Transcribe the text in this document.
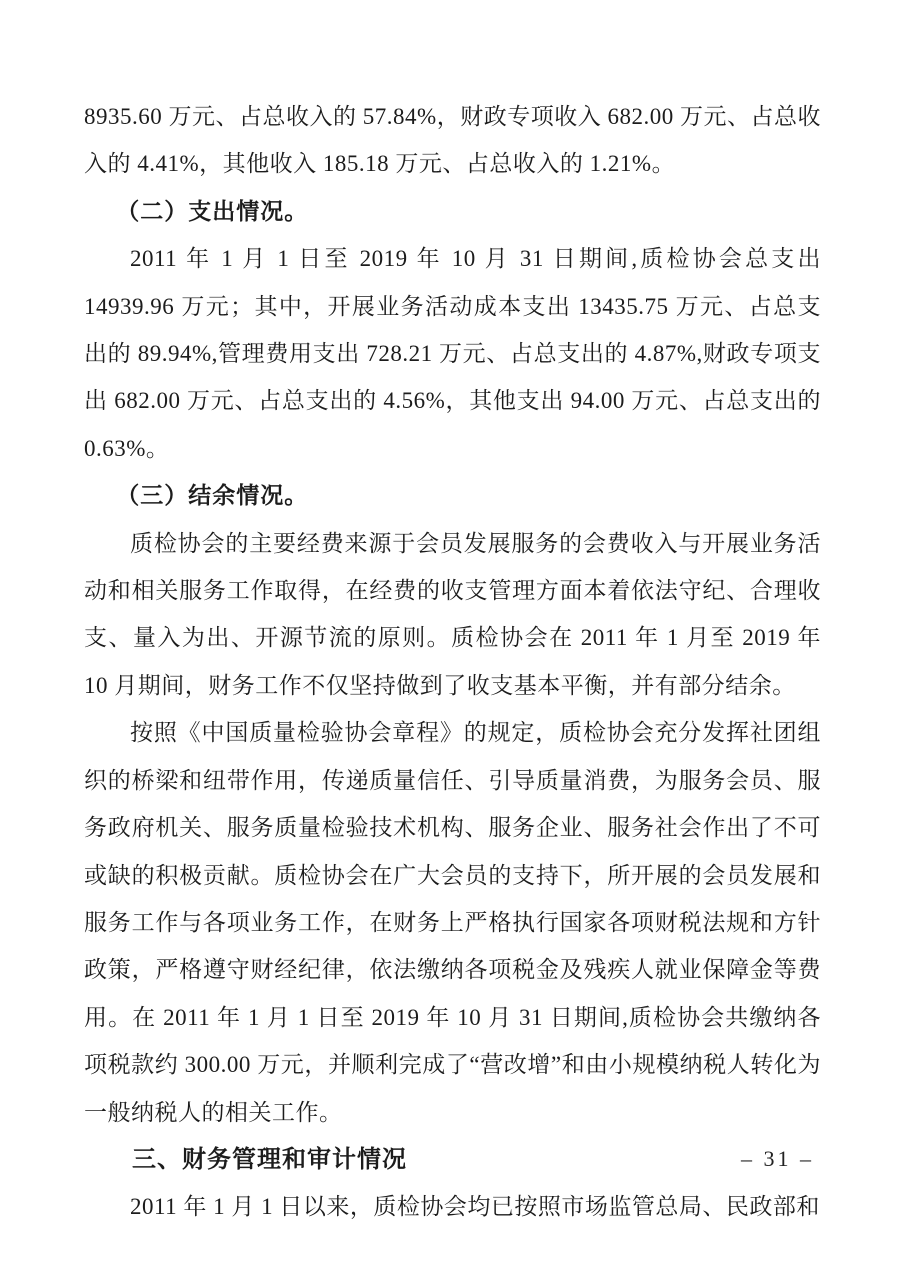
8935.60 万元、占总收入的 57.84%，财政专项收入 682.00 万元、占总收入的 4.41%，其他收入 185.18 万元、占总收入的 1.21%。

（二）支出情况。

2011 年 1 月 1 日至 2019 年 10 月 31 日期间,质检协会总支出 14939.96 万元；其中，开展业务活动成本支出 13435.75 万元、占总支出的 89.94%,管理费用支出 728.21 万元、占总支出的 4.87%,财政专项支出 682.00 万元、占总支出的 4.56%，其他支出 94.00 万元、占总支出的 0.63%。

（三）结余情况。

质检协会的主要经费来源于会员发展服务的会费收入与开展业务活动和相关服务工作取得，在经费的收支管理方面本着依法守纪、合理收支、量入为出、开源节流的原则。质检协会在 2011 年 1 月至 2019 年 10 月期间，财务工作不仅坚持做到了收支基本平衡，并有部分结余。

按照《中国质量检验协会章程》的规定，质检协会充分发挥社团组织的桥梁和纽带作用，传递质量信任、引导质量消费，为服务会员、服务政府机关、服务质量检验技术机构、服务企业、服务社会作出了不可或缺的积极贡献。质检协会在广大会员的支持下，所开展的会员发展和服务工作与各项业务工作，在财务上严格执行国家各项财税法规和方针政策，严格遵守财经纪律，依法缴纳各项税金及残疾人就业保障金等费用。在 2011 年 1 月 1 日至 2019 年 10 月 31 日期间,质检协会共缴纳各项税款约 300.00 万元，并顺利完成了“营改增”和由小规模纳税人转化为一般纳税人的相关工作。

三、财务管理和审计情况

2011 年 1 月 1 日以来，质检协会均已按照市场监管总局、民政部和

– 31 –
